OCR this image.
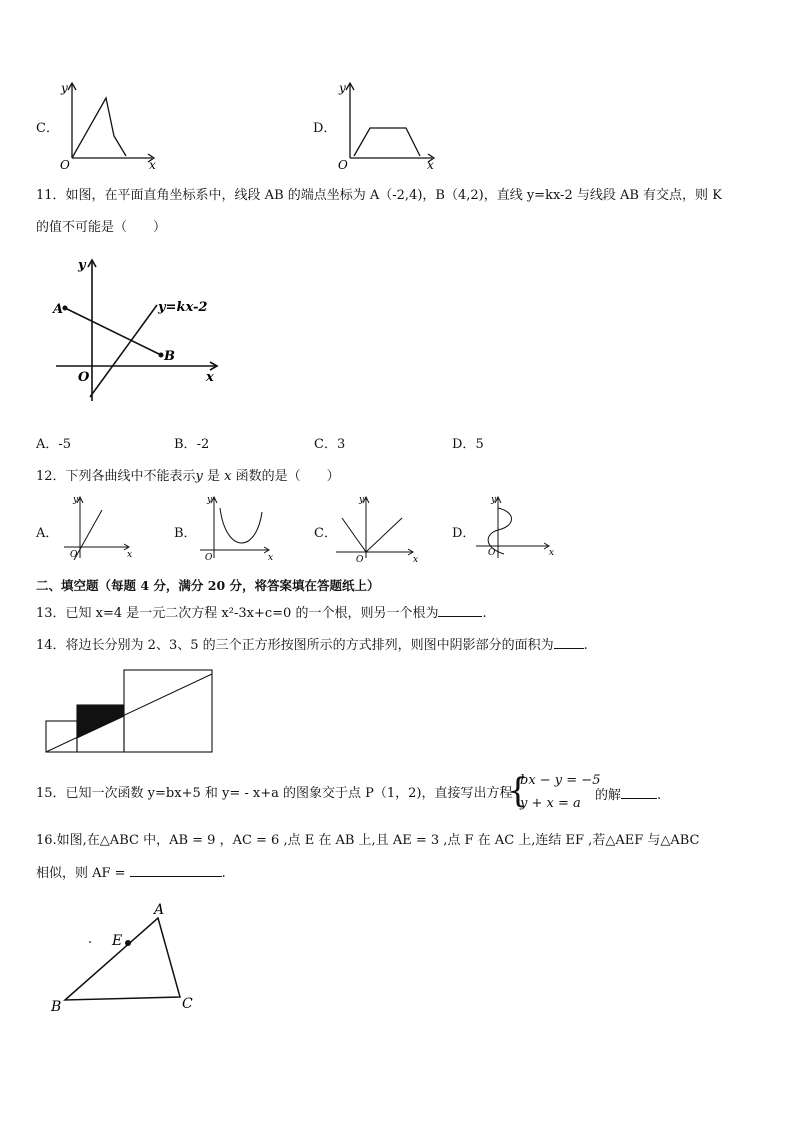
C．
y
x
O
D．
y
x
O
11．如图，在平面直角坐标系中，线段 AB 的端点坐标为 A（-2,4)，B（4,2)，直线 y=kx-2 与线段 AB 有交点，则 K
的值不可能是（　　）
A
B
O	x
y
y=kx-2
A．-5	B．-2	C．3	D．5
12．下列各曲线中不能表示y 是 x 函数的是（　　）
A．
y
x
O
B．
y
x
O
C．
y
x
O
D．
y
x
O
二、填空题（每题 4 分，满分 20 分，将答案填在答题纸上）
13．已知 x=4 是一元二次方程 x²-3x+c=0 的一个根，则另一个根为	.
14．将边长分别为 2、3、5 的三个正方形按图所示的方式排列，则图中阴影部分的面积为 .
15．已知一次函数 y=bx+5 和 y= - x+a 的图象交于点 P（1，2)，直接写出方程
{
bx − y = −5
y + x = a
的解	.
16.如图,在△ABC 中，AB = 9 ，AC = 6 ,点 E 在 AB 上,且 AE = 3 ,点 F 在 AC 上,连结 EF ,若△AEF 与△ABC
相似，则 AF =	.
A
B	C
E
